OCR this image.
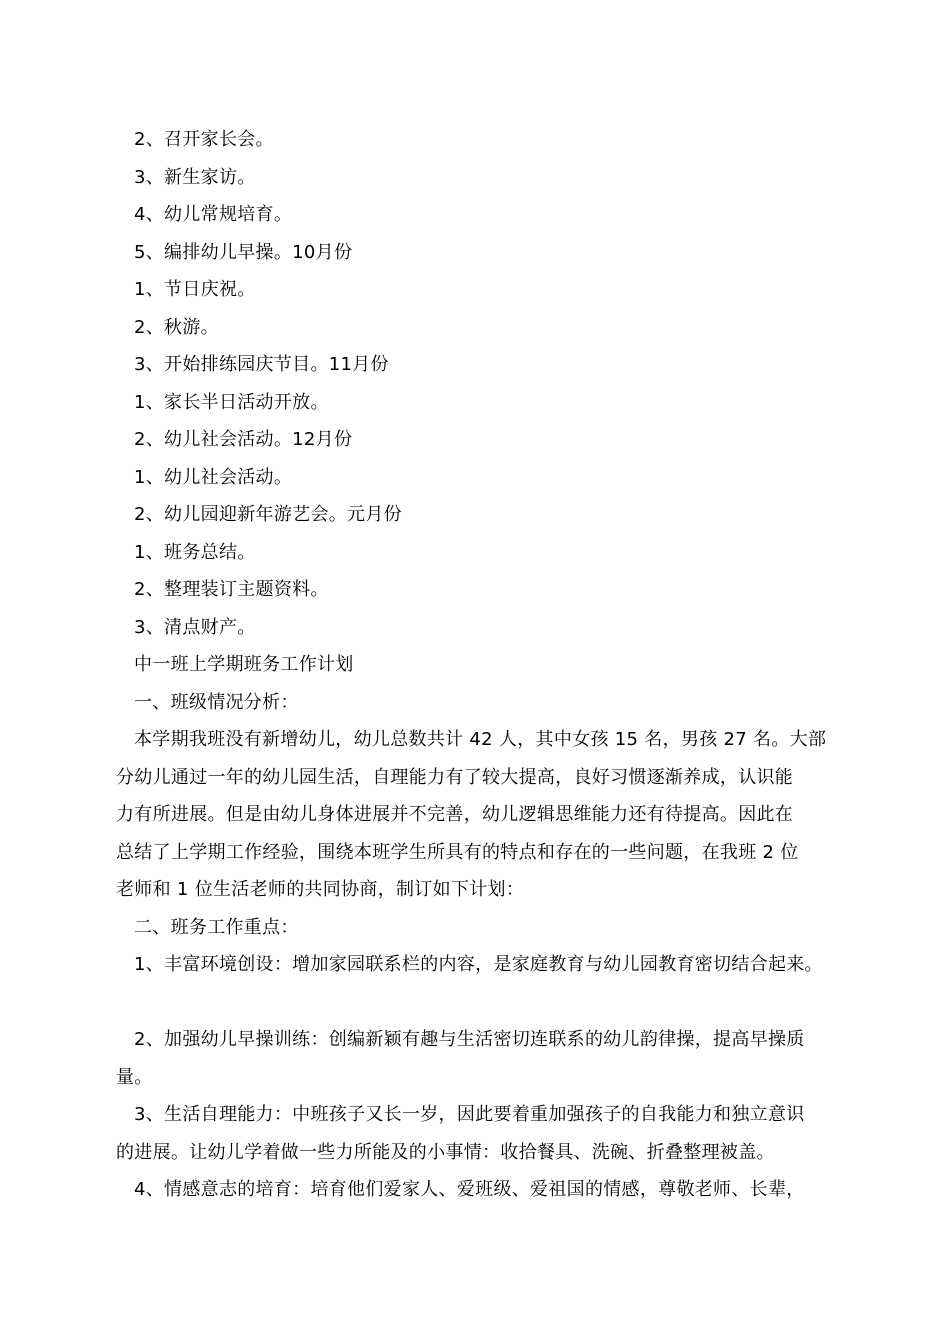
2、召开家长会。

3、新生家访。

4、幼儿常规培育。

5、编排幼儿早操。10月份

1、节日庆祝。

2、秋游。

3、开始排练园庆节目。11月份

1、家长半日活动开放。

2、幼儿社会活动。12月份

1、幼儿社会活动。

2、幼儿园迎新年游艺会。元月份

1、班务总结。

2、整理装订主题资料。

3、清点财产。

中一班上学期班务工作计划

一、班级情况分析：

本学期我班没有新增幼儿，幼儿总数共计 42 人，其中女孩 15 名，男孩 27 名。大部

分幼儿通过一年的幼儿园生活，自理能力有了较大提高，良好习惯逐渐养成，认识能

力有所进展。但是由幼儿身体进展并不完善，幼儿逻辑思维能力还有待提高。因此在

总结了上学期工作经验，围绕本班学生所具有的特点和存在的一些问题，在我班 2 位

老师和 1 位生活老师的共同协商，制订如下计划：

二、班务工作重点：

1、丰富环境创设：增加家园联系栏的内容，是家庭教育与幼儿园教育密切结合起来。

2、加强幼儿早操训练：创编新颖有趣与生活密切连联系的幼儿韵律操，提高早操质

量。

3、生活自理能力：中班孩子又长一岁，因此要着重加强孩子的自我能力和独立意识

的进展。让幼儿学着做一些力所能及的小事情：收拾餐具、洗碗、折叠整理被盖。

4、情感意志的培育：培育他们爱家人、爱班级、爱祖国的情感，尊敬老师、长辈，
